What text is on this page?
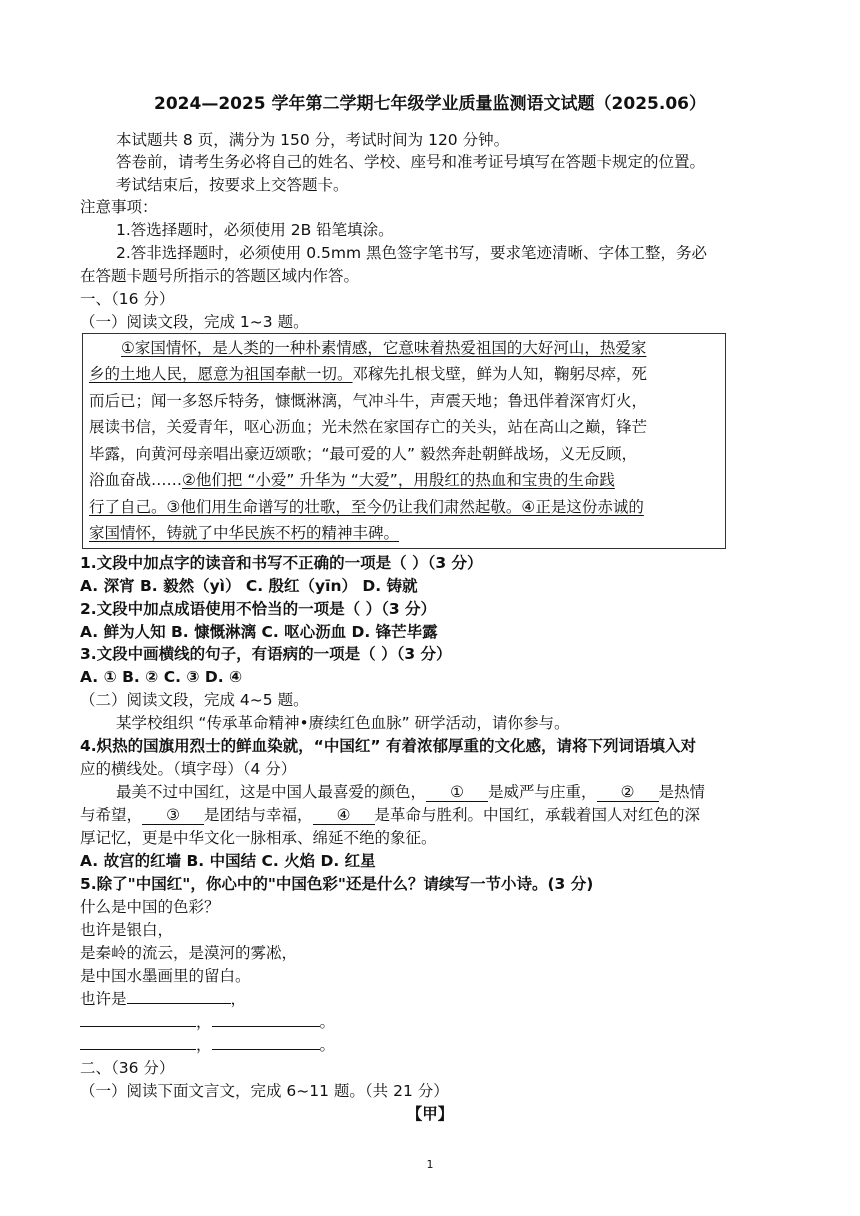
2024—2025 学年第二学期七年级学业质量监测语文试题（2025.06）
本试题共 8 页，满分为 150 分，考试时间为 120 分钟。
答卷前，请考生务必将自己的姓名、学校、座号和准考证号填写在答题卡规定的位置。
考试结束后，按要求上交答题卡。
注意事项：
1.答选择题时，必须使用 2B 铅笔填涂。
2.答非选择题时，必须使用 0.5mm 黑色签字笔书写，要求笔迹清晰、字体工整，务必
在答题卡题号所指示的答题区域内作答。
一、（16 分）
（一）阅读文段，完成 1~3 题。
①家国情怀，是人类的一种朴素情感，它意味着热爱祖国的大好河山，热爱家
乡的土地人民，愿意为祖国奉献一切。邓稼先扎根戈壁，鲜为人知，鞠躬尽瘁，死
而后已；闻一多怒斥特务，慷慨淋漓，气冲斗牛，声震天地；鲁迅伴着深宵灯火，
展读书信，关爱青年，呕心沥血；光未然在家国存亡的关头，站在高山之巅，锋芒
毕露，向黄河母亲唱出豪迈颂歌；“最可爱的人” 毅然奔赴朝鲜战场，义无反顾，
浴血奋战……②他们把 “小爱” 升华为 “大爱”，用殷红的热血和宝贵的生命践
行了自己。③他们用生命谱写的壮歌，至今仍让我们肃然起敬。④正是这份赤诚的
家国情怀，铸就了中华民族不朽的精神丰碑。
1.文段中加点字的读音和书写不正确的一项是（ ）（3 分）
A. 深宵 B. 毅然（yì） C. 殷红（yīn） D. 铸就
2.文段中加点成语使用不恰当的一项是（ ）（3 分）
A. 鲜为人知 B. 慷慨淋漓 C. 呕心沥血 D. 锋芒毕露
3.文段中画横线的句子，有语病的一项是（ ）（3 分）
A. ① B. ② C. ③ D. ④
（二）阅读文段，完成 4~5 题。
某学校组织 “传承革命精神•赓续红色血脉” 研学活动，请你参与。
4.炽热的国旗用烈士的鲜血染就，“中国红” 有着浓郁厚重的文化感，请将下列词语填入对
应的横线处。（填字母）（4 分）
最美不过中国红，这是中国人最喜爱的颜色， ① 是威严与庄重， ② 是热情
与希望， ③ 是团结与幸福， ④ 是革命与胜利。中国红，承载着国人对红色的深
厚记忆，更是中华文化一脉相承、绵延不绝的象征。
A. 故宫的红墙 B. 中国结 C. 火焰 D. 红星
5.除了"中国红"，你心中的"中国色彩"还是什么？请续写一节小诗。(3 分)
什么是中国的色彩？
也许是银白，
是秦岭的流云，是漠河的雾凇，
是中国水墨画里的留白。
也许是	，
，	。
，	。
二、（36 分）
（一）阅读下面文言文，完成 6~11 题。（共 21 分）
【甲】
1
